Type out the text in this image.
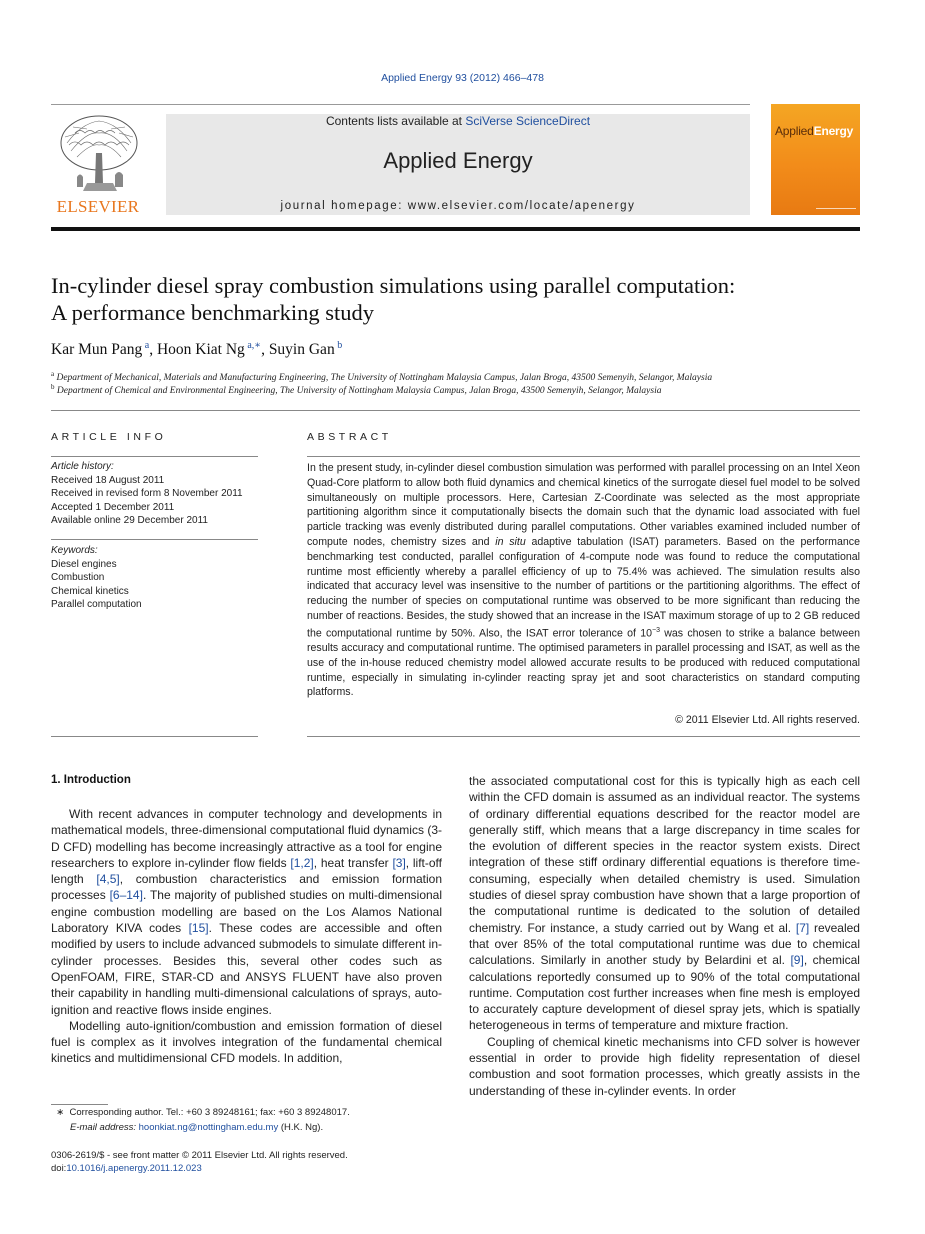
Applied Energy 93 (2012) 466–478
ELSEVIER
Contents lists available at SciVerse ScienceDirect
Applied Energy
journal homepage: www.elsevier.com/locate/apenergy
AppliedEnergy
In-cylinder diesel spray combustion simulations using parallel computation:
A performance benchmarking study
Kar Mun Pang $^a$, Hoon Kiat Ng $^{a,∗}$, Suyin Gan $^b$
$^a$ Department of Mechanical, Materials and Manufacturing Engineering, The University of Nottingham Malaysia Campus, Jalan Broga, 43500 Semenyih, Selangor, Malaysia
$^b$ Department of Chemical and Environmental Engineering, The University of Nottingham Malaysia Campus, Jalan Broga, 43500 Semenyih, Selangor, Malaysia
ARTICLE INFO
Article history:
Received 18 August 2011
Received in revised form 8 November 2011
Accepted 1 December 2011
Available online 29 December 2011
Keywords:
Diesel engines
Combustion
Chemical kinetics
Parallel computation
ABSTRACT
In the present study, in-cylinder diesel combustion simulation was performed with parallel processing on an Intel Xeon Quad-Core platform to allow both fluid dynamics and chemical kinetics of the surrogate diesel fuel model to be solved simultaneously on multiple processors. Here, Cartesian Z-Coordinate was selected as the most appropriate partitioning algorithm since it computationally bisects the domain such that the dynamic load associated with fuel particle tracking was evenly distributed during parallel computations. Other variables examined included number of compute nodes, chemistry sizes and in situ adaptive tabulation (ISAT) parameters. Based on the performance benchmarking test conducted, parallel configuration of 4-compute node was found to reduce the computational runtime most efficiently whereby a parallel efficiency of up to 75.4% was achieved. The simulation results also indicated that accuracy level was insensitive to the number of partitions or the partitioning algorithms. The effect of reducing the number of species on computational runtime was observed to be more significant than reducing the number of reactions. Besides, the study showed that an increase in the ISAT maximum storage of up to 2 GB reduced the computational runtime by 50%. Also, the ISAT error tolerance of $10^{-3}$ was chosen to strike a balance between results accuracy and computational runtime. The optimised parameters in parallel processing and ISAT, as well as the use of the in-house reduced chemistry model allowed accurate results to be produced with reduced computational runtime, especially in simulating in-cylinder reacting spray jet and soot characteristics on standard computing platforms.
© 2011 Elsevier Ltd. All rights reserved.
1. Introduction

With recent advances in computer technology and developments in mathematical models, three-dimensional computational fluid dynamics (3-D CFD) modelling has become increasingly attractive as a tool for engine researchers to explore in-cylinder flow fields [1,2], heat transfer [3], lift-off length [4,5], combustion characteristics and emission formation processes [6–14]. The majority of published studies on multi-dimensional engine combustion modelling are based on the Los Alamos National Laboratory KIVA codes [15]. These codes are accessible and often modified by users to include advanced submodels to simulate different in-cylinder processes. Besides this, several other codes such as OpenFOAM, FIRE, STAR-CD and ANSYS FLUENT have also proven their capability in handling multi-dimensional calculations of sprays, auto-ignition and reactive flows inside engines.

Modelling auto-ignition/combustion and emission formation of diesel fuel is complex as it involves integration of the fundamental chemical kinetics and multidimensional CFD models. In addition,

the associated computational cost for this is typically high as each cell within the CFD domain is assumed as an individual reactor. The systems of ordinary differential equations described for the reactor model are generally stiff, which means that a large discrepancy in time scales for the evolution of different species in the reactor system exists. Direct integration of these stiff ordinary differential equations is therefore time-consuming, especially when detailed chemistry is used. Simulation studies of diesel spray combustion have shown that a large proportion of the computational runtime is dedicated to the solution of detailed chemistry. For instance, a study carried out by Wang et al. [7] revealed that over 85% of the total computational runtime was due to chemical calculations. Similarly in another study by Belardini et al. [9], chemical calculations reportedly consumed up to 90% of the total computational runtime. Computation cost further increases when fine mesh is employed to accurately capture development of diesel spray jets, which is spatially heterogeneous in terms of temperature and mixture fraction.

Coupling of chemical kinetic mechanisms into CFD solver is however essential in order to provide high fidelity representation of diesel combustion and soot formation processes, which greatly assists in the understanding of these in-cylinder events. In order

∗ Corresponding author. Tel.: +60 3 89248161; fax: +60 3 89248017.
E-mail address: hoonkiat.ng@nottingham.edu.my (H.K. Ng).
0306-2619/$ - see front matter © 2011 Elsevier Ltd. All rights reserved.
doi:10.1016/j.apenergy.2011.12.023
